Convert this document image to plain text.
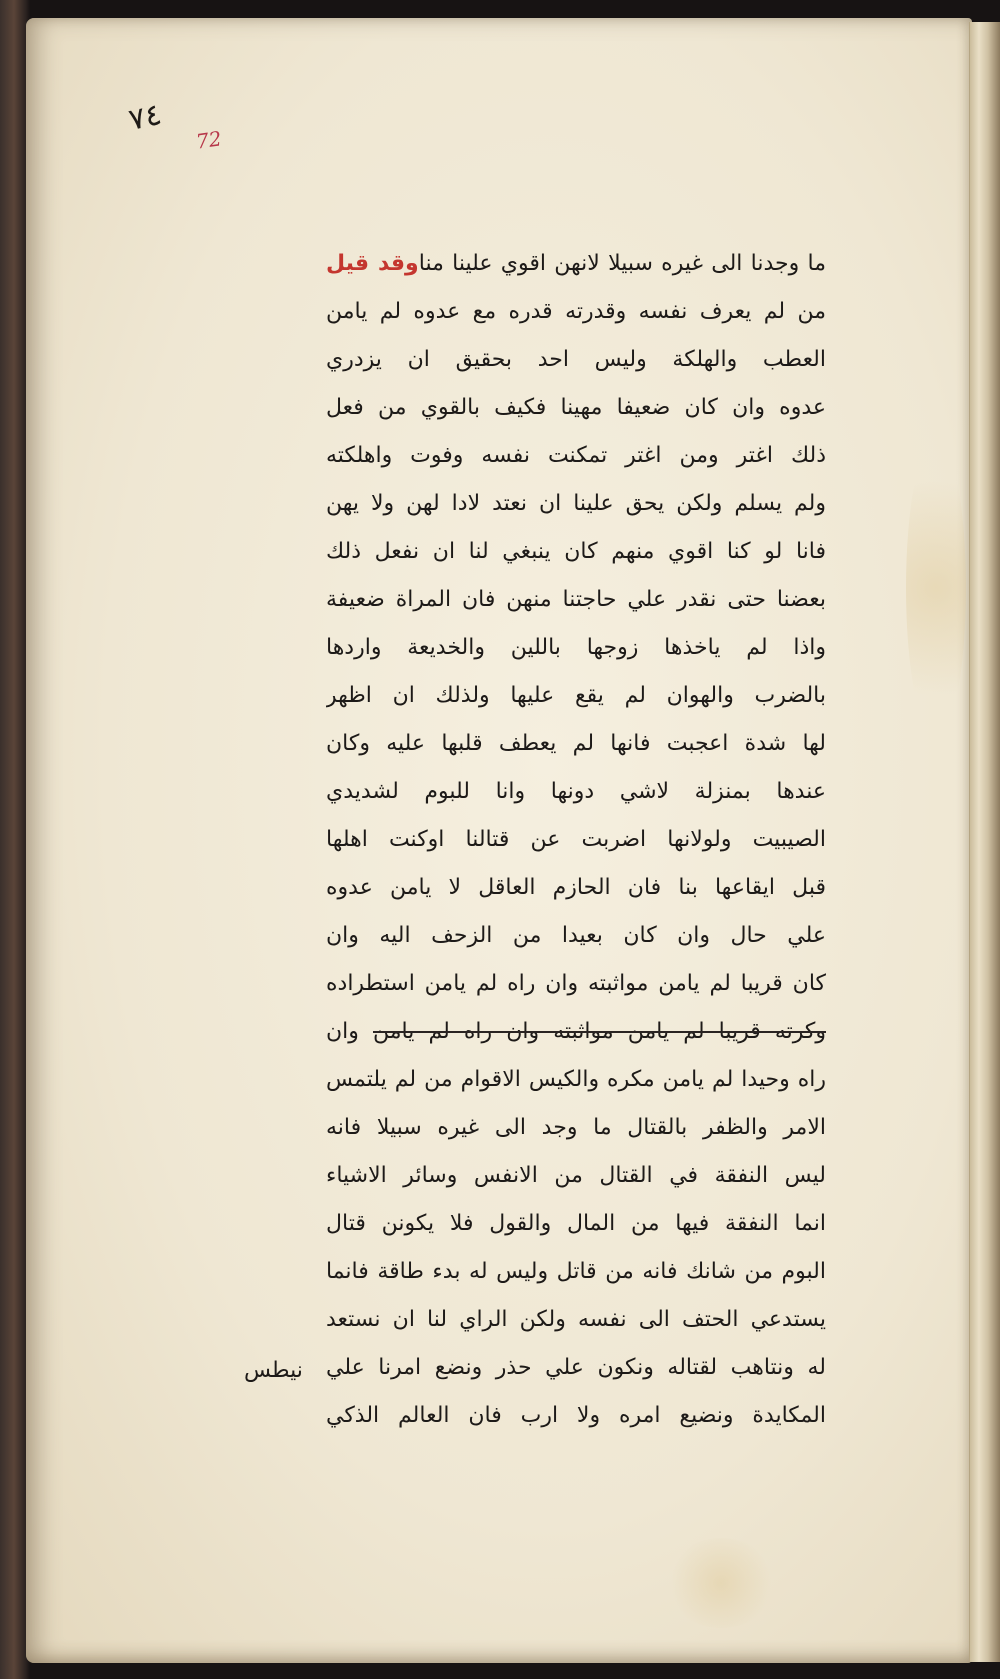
٧٤
72
ما وجدنا الى غيره سبيلا لانهن اقوي علينا مناوقد قيل
من لم يعرف نفسه وقدرته قدره مع عدوه لم يامن
العطب والهلكة وليس احد بحقيق ان يزدري
عدوه وان كان ضعيفا مهينا فكيف بالقوي من فعل
ذلك اغتر ومن اغتر تمكنت نفسه وفوت واهلكته
ولم يسلم ولكن يحق علينا ان نعتد لادا لهن ولا يهن
فانا لو كنا اقوي منهم كان ينبغي لنا ان نفعل ذلك
بعضنا حتى نقدر علي حاجتنا منهن فان المراة ضعيفة
واذا لم ياخذها زوجها باللين والخديعة واردها
بالضرب والهوان لم يقع عليها ولذلك ان اظهر
لها شدة اعجبت فانها لم يعطف قلبها عليه وكان
عندها بمنزلة لاشي دونها وانا للبوم لشديدي
الصيبيت ولولانها اضربت عن قتالنا اوكنت اهلها
قبل ايقاعها بنا فان الحازم العاقل لا يامن عدوه
علي حال وان كان بعيدا من الزحف اليه وان
كان قريبا لم يامن مواثبته وان راه لم يامن استطراده
وكرته قريبا لم يامن مواثبته وان راه لم يامن وان
راه وحيدا لم يامن مكره والكيس الاقوام من لم يلتمس
الامر والظفر بالقتال ما وجد الى غيره سبيلا فانه
ليس النفقة في القتال من الانفس وسائر الاشياء
انما النفقة فيها من المال والقول فلا يكونن قتال
البوم من شانك فانه من قاتل وليس له بدء طاقة فانما
يستدعي الحتف الى نفسه ولكن الراي لنا ان نستعد
له ونتاهب لقتاله ونكون علي حذر ونضع امرنا علي
المكايدة ونضيع امره ولا ارب فان العالم الذكي
نيطس
